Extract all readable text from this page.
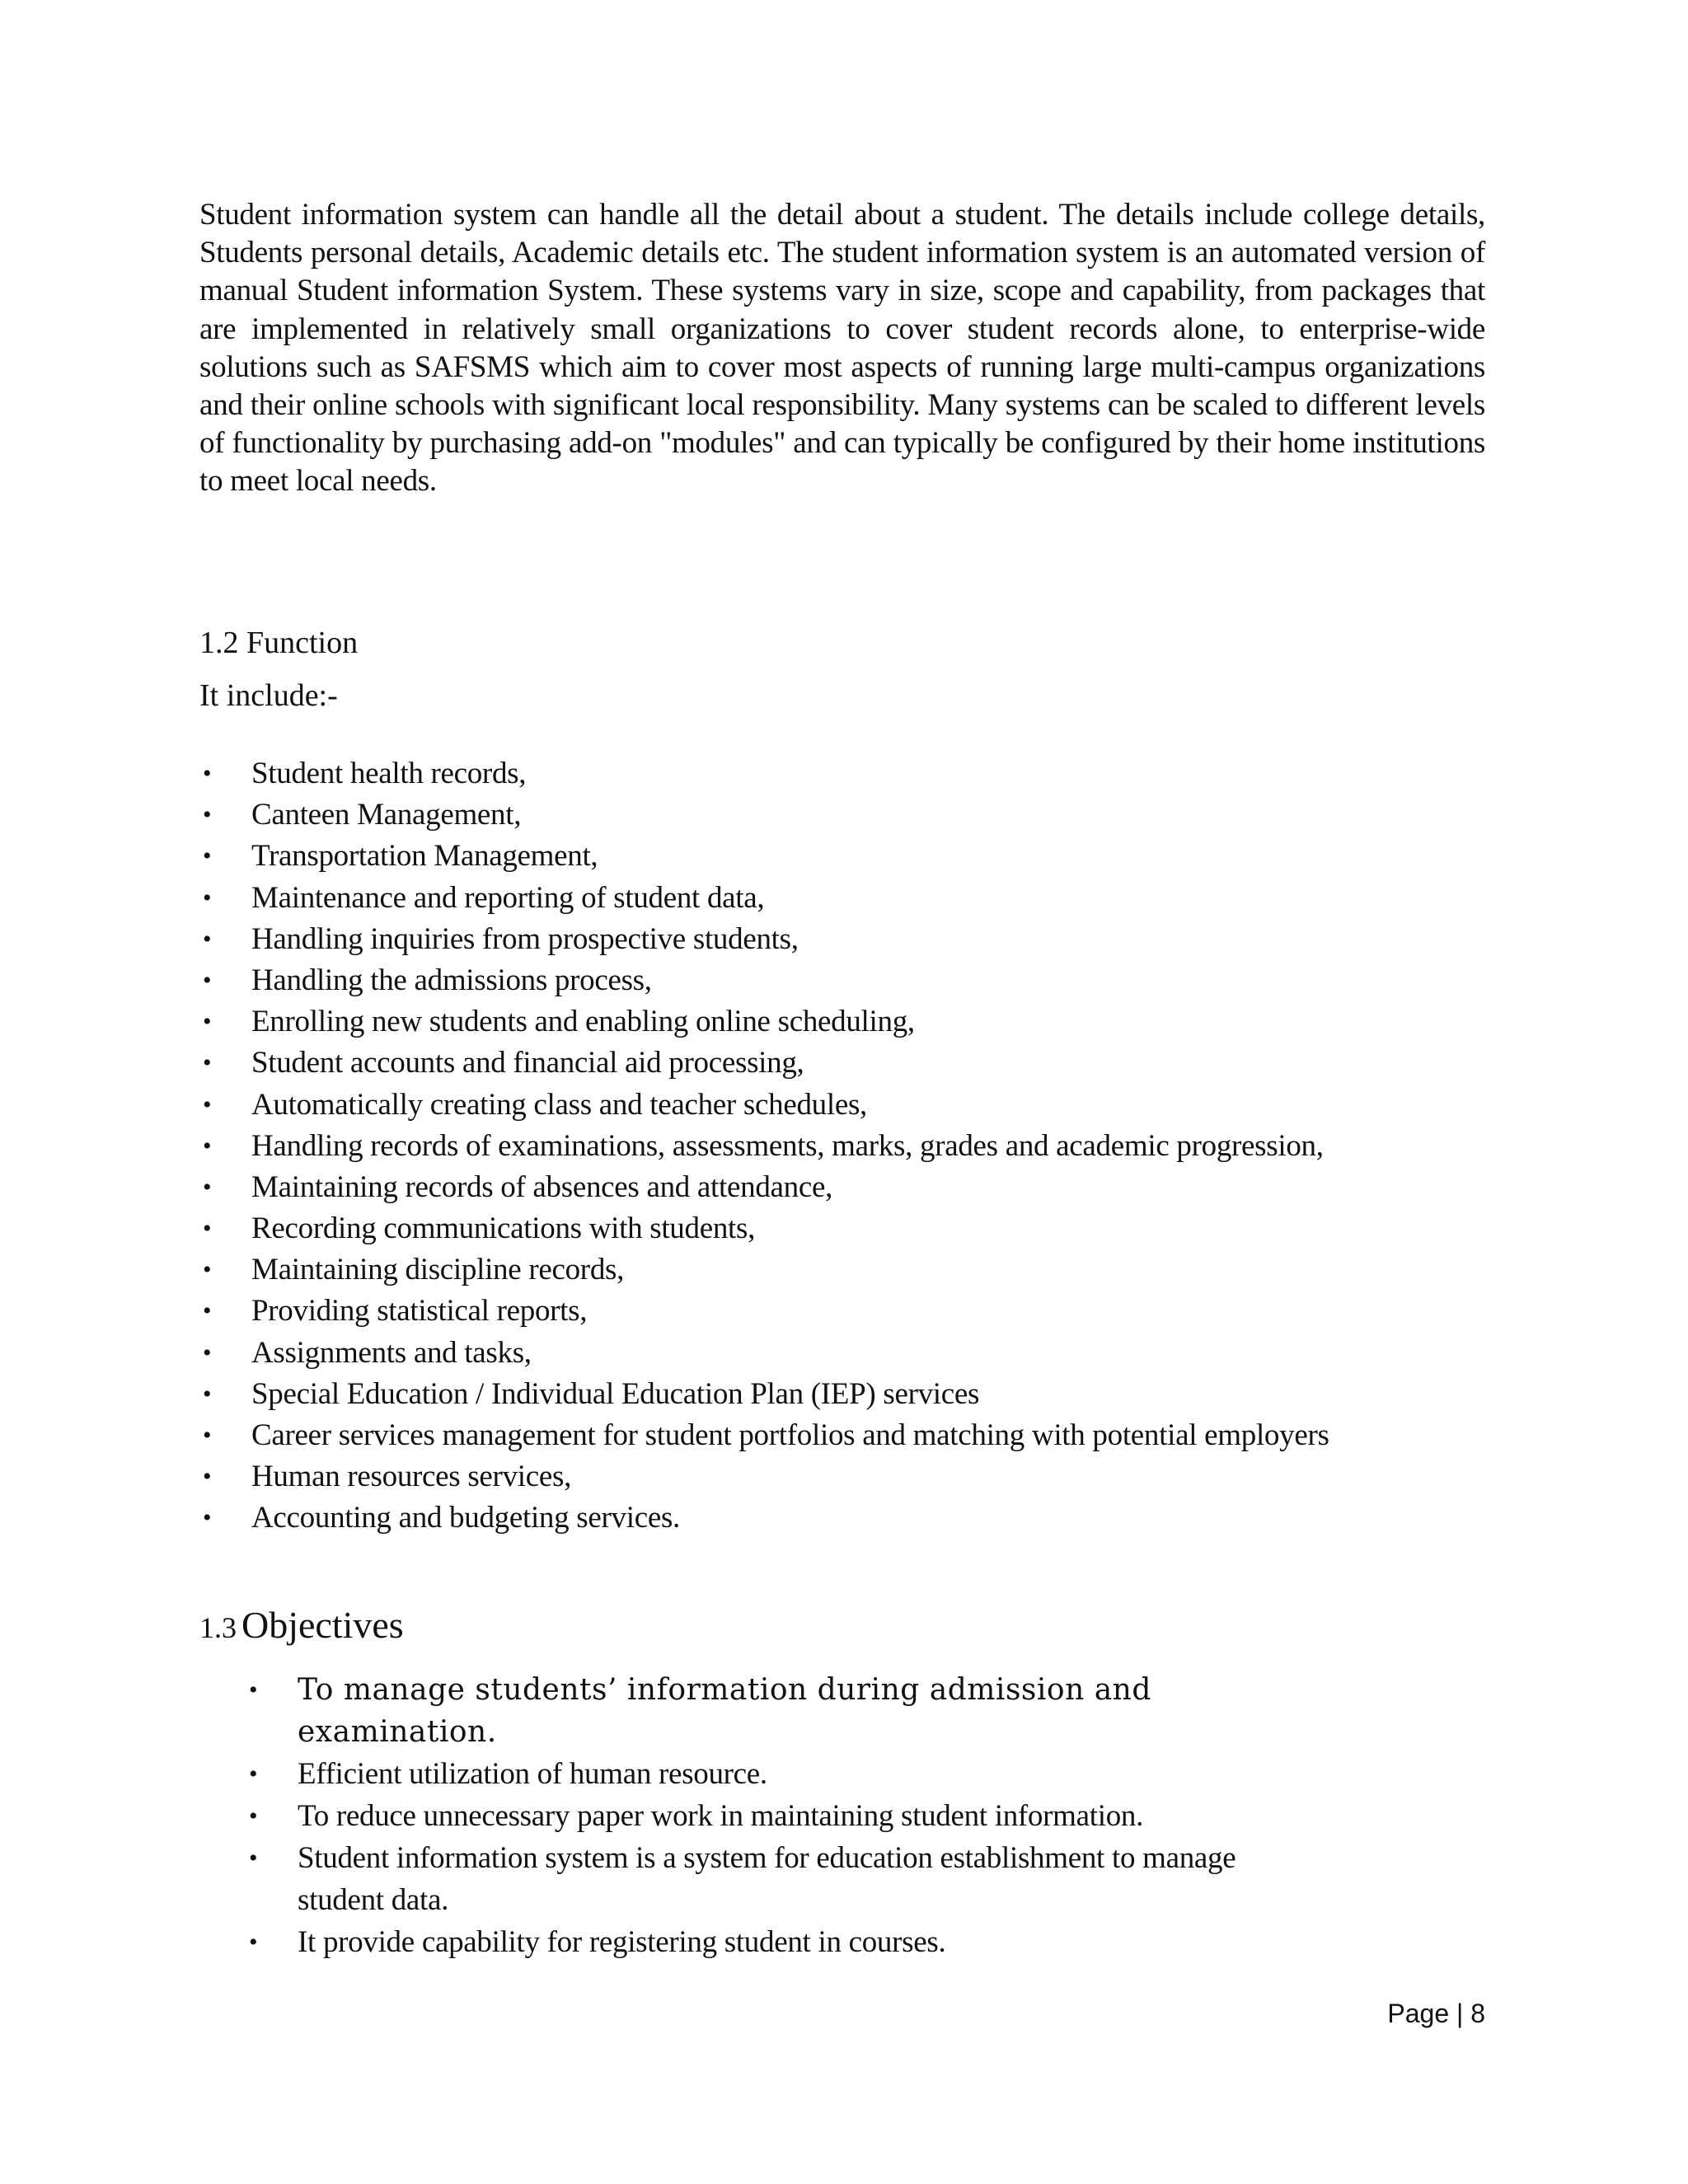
Student information system can handle all the detail about a student. The details include college details, Students personal details, Academic details etc. The student information system is an automated version of manual Student information System. These systems vary in size, scope and capability, from packages that are implemented in relatively small organizations to cover student records alone, to enterprise-wide solutions such as SAFSMS which aim to cover most aspects of running large multi-campus organizations and their online schools with significant local responsibility. Many systems can be scaled to different levels of functionality by purchasing add-on "modules" and can typically be configured by their home institutions to meet local needs.

1.2 Function

It include:-

• Student health records,
• Canteen Management,
• Transportation Management,
• Maintenance and reporting of student data,
• Handling inquiries from prospective students,
• Handling the admissions process,
• Enrolling new students and enabling online scheduling,
• Student accounts and financial aid processing,
• Automatically creating class and teacher schedules,
• Handling records of examinations, assessments, marks, grades and academic progression,
• Maintaining records of absences and attendance,
• Recording communications with students,
• Maintaining discipline records,
• Providing statistical reports,
• Assignments and tasks,
• Special Education / Individual Education Plan (IEP) services
• Career services management for student portfolios and matching with potential employers
• Human resources services,
• Accounting and budgeting services.
1.3 Objectives
• To manage students’ information during admission and examination.
• Efficient utilization of human resource.
• To reduce unnecessary paper work in maintaining student information.
• Student information system is a system for education establishment to manage student data.
• It provide capability for registering student in courses.
Page | 8
